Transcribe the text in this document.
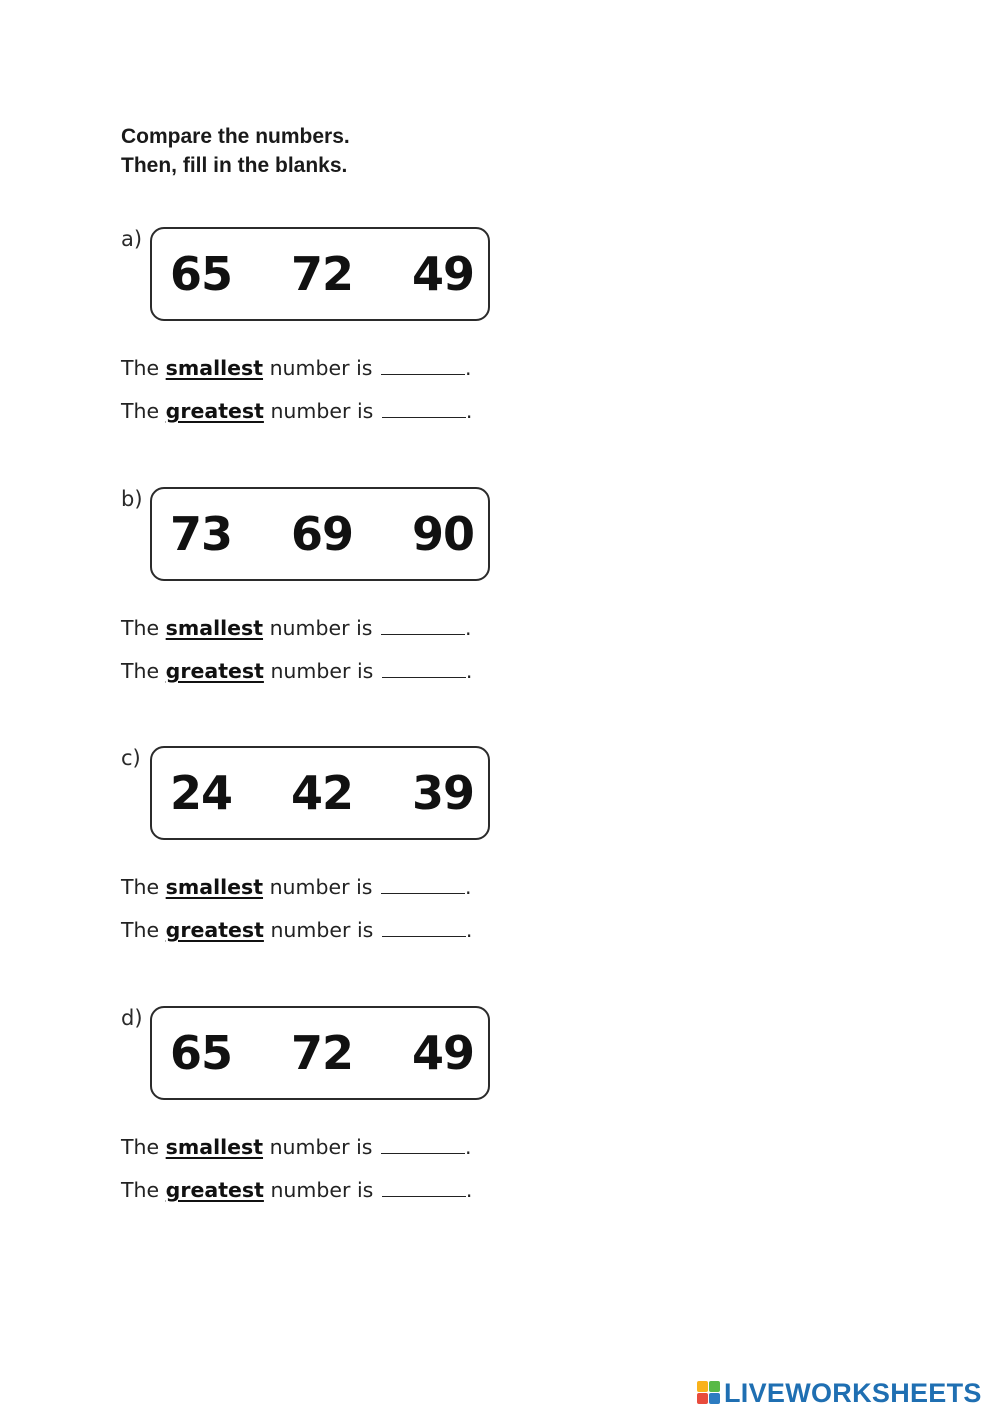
Compare the numbers.
Then, fill in the blanks.
a)
65 72 49
The smallest number is	.
The greatest number is	.
b)
73 69 90
The smallest number is	.
The greatest number is	.
c)
24 42 39
The smallest number is	.
The greatest number is	.
d)
65 72 49
The smallest number is	.
The greatest number is	.
LIVEWORKSHEETS
